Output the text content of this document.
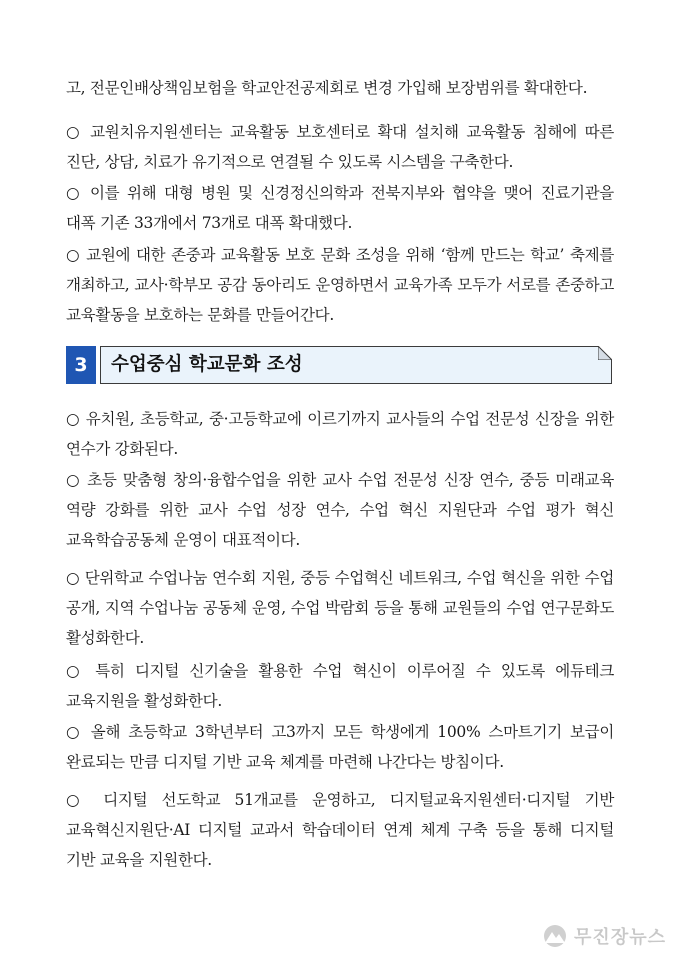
고, 전문인배상책임보험을 학교안전공제회로 변경 가입해 보장범위를 확대한다.

○ 교원치유지원센터는 교육활동 보호센터로 확대 설치해 교육활동 침해에 따른 진단, 상담, 치료가 유기적으로 연결될 수 있도록 시스템을 구축한다.

○ 이를 위해 대형 병원 및 신경정신의학과 전북지부와 협약을 맺어 진료기관을 대폭 기존 33개에서 73개로 대폭 확대했다.

○ 교원에 대한 존중과 교육활동 보호 문화 조성을 위해 ‘함께 만드는 학교’ 축제를 개최하고, 교사·학부모 공감 동아리도 운영하면서 교육가족 모두가 서로를 존중하고 교육활동을 보호하는 문화를 만들어간다.

3	수업중심 학교문화 조성

○ 유치원, 초등학교, 중·고등학교에 이르기까지 교사들의 수업 전문성 신장을 위한 연수가 강화된다.

○ 초등 맞춤형 창의·융합수업을 위한 교사 수업 전문성 신장 연수, 중등 미래교육 역량 강화를 위한 교사 수업 성장 연수, 수업 혁신 지원단과 수업 평가 혁신 교육학습공동체 운영이 대표적이다.

○ 단위학교 수업나눔 연수회 지원, 중등 수업혁신 네트워크, 수업 혁신을 위한 수업 공개, 지역 수업나눔 공동체 운영, 수업 박람회 등을 통해 교원들의 수업 연구문화도 활성화한다.

○ 특히 디지털 신기술을 활용한 수업 혁신이 이루어질 수 있도록 에듀테크 교육지원을 활성화한다.

○ 올해 초등학교 3학년부터 고3까지 모든 학생에게 100% 스마트기기 보급이 완료되는 만큼 디지털 기반 교육 체계를 마련해 나간다는 방침이다.

○ 디지털 선도학교 51개교를 운영하고, 디지털교육지원센터·디지털 기반 교육혁신지원단·AI 디지털 교과서 학습데이터 연계 체계 구축 등을 통해 디지털 기반 교육을 지원한다.

무진장뉴스
